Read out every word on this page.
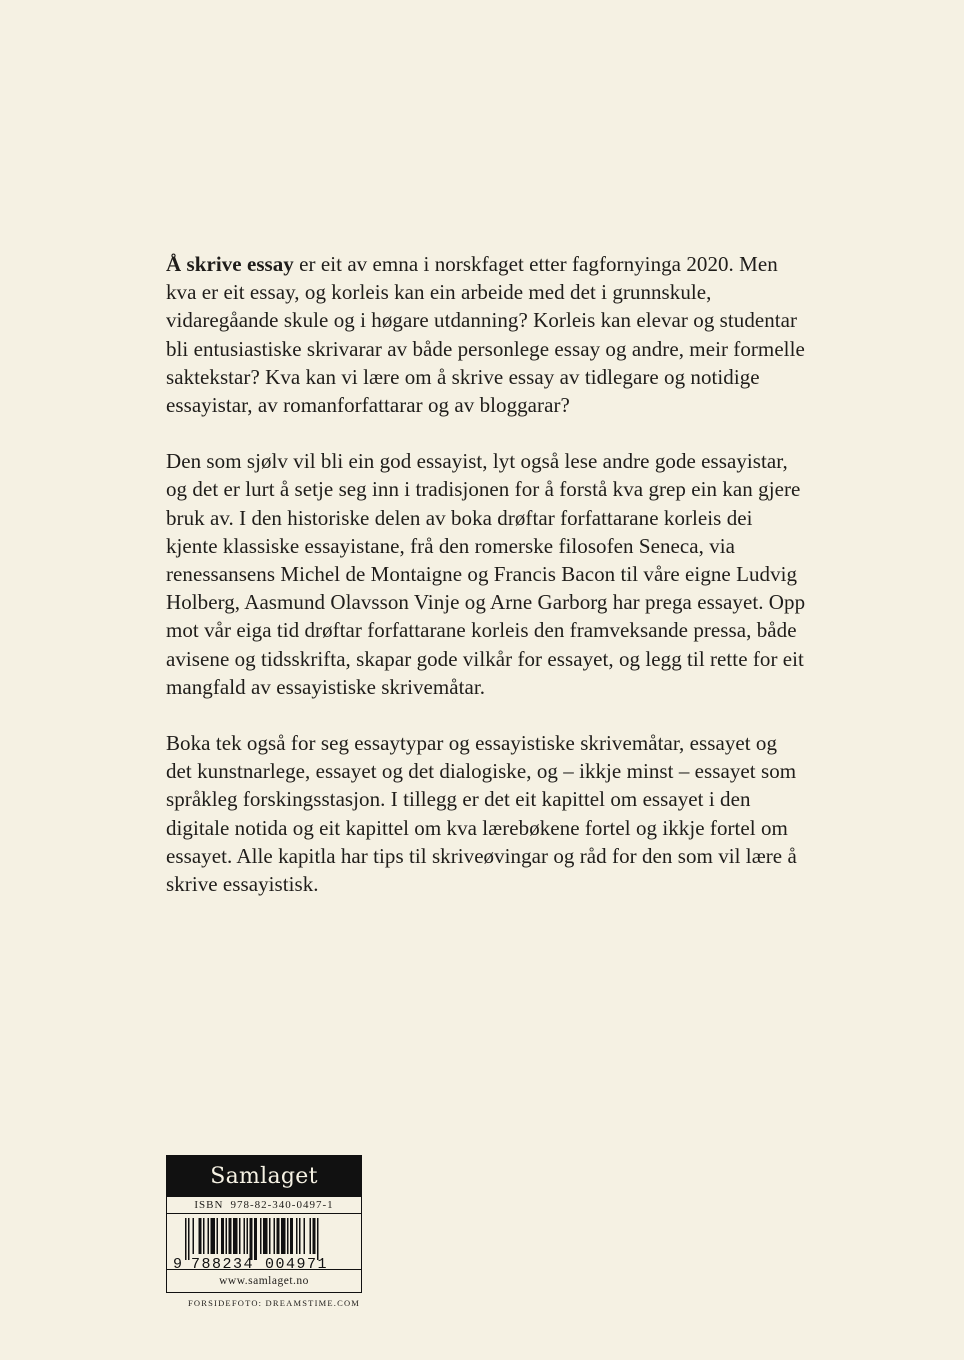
Å skrive essay er eit av emna i norskfaget etter fagfornyinga 2020. Men kva er eit essay, og korleis kan ein arbeide med det i grunnskule, vidaregåande skule og i høgare utdanning? Korleis kan elevar og studentar bli entusiastiske skrivarar av både personlege essay og andre, meir formelle saktekstar? Kva kan vi lære om å skrive essay av tidlegare og notidige essayistar, av romanforfattarar og av bloggarar?

Den som sjølv vil bli ein god essayist, lyt også lese andre gode essayistar, og det er lurt å setje seg inn i tradisjonen for å forstå kva grep ein kan gjere bruk av. I den historiske delen av boka drøftar forfattarane korleis dei kjente klassiske essayistane, frå den romerske filosofen Seneca, via renessansens Michel de Montaigne og Francis Bacon til våre eigne Ludvig Holberg, Aasmund Olavsson Vinje og Arne Garborg har prega essayet. Opp mot vår eiga tid drøftar forfattarane korleis den framveksande pressa, både avisene og tidsskrifta, skapar gode vilkår for essayet, og legg til rette for eit mangfald av essayistiske skrivemåtar.

Boka tek også for seg essaytypar og essayistiske skrivemåtar, essayet og det kunstnarlege, essayet og det dialogiske, og – ikkje minst – essayet som språkleg forskingsstasjon. I tillegg er det eit kapittel om essayet i den digitale notida og eit kapittel om kva lærebøkene fortel og ikkje fortel om essayet. Alle kapitla har tips til skriveøvingar og råd for den som vil lære å skrive essayistisk.

Samlaget
ISBN 978-82-340-0497-1
9 788234 004971
www.samlaget.no
FORSIDEFOTO: DREAMSTIME.COM
